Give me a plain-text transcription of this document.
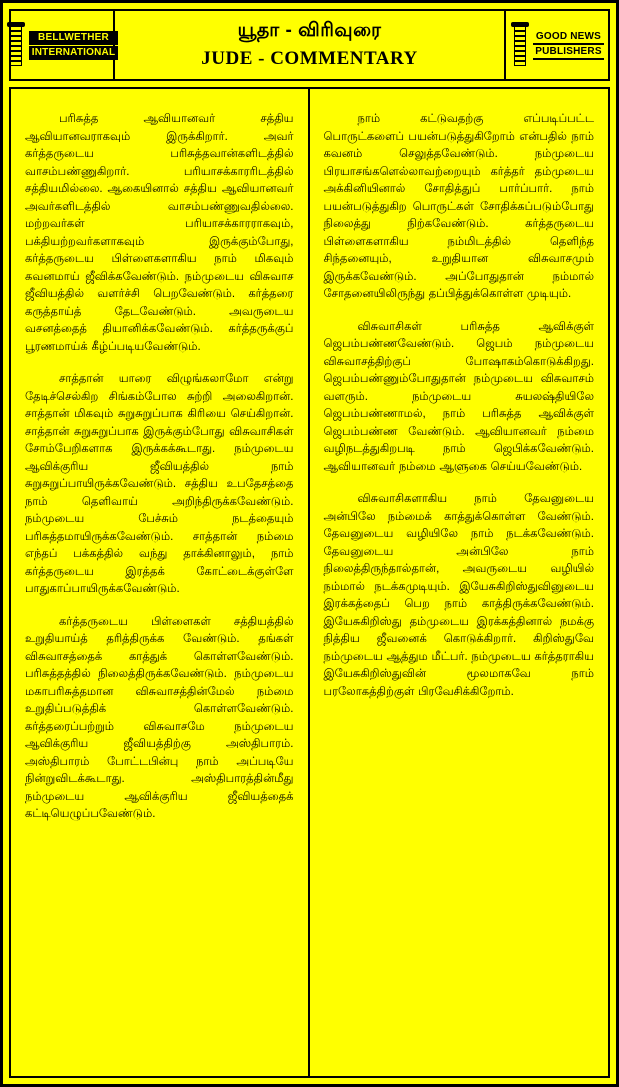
BELLWETHER
INTERNATIONAL
யூதா - விரிவுரை
JUDE - COMMENTARY
GOOD NEWS
PUBLISHERS

பரிசுத்த ஆவியானவர் சத்திய ஆவியானவராகவும் இருக்கிறார். அவர் கர்த்தருடைய பரிசுத்தவான்களிடத்தில் வாசம்பண்ணுகிறார். பரியாசக்காரரிடத்தில் சத்தியமில்லை. ஆகையினால் சத்திய ஆவியானவர் அவர்களிடத்தில் வாசம்பண்ணுவதில்லை. மற்றவர்கள் பரியாசக்காரராகவும், பக்தியற்றவர்களாகவும் இருக்கும்போது, கர்த்தருடைய பிள்ளைகளாகிய நாம் மிகவும் கவனமாய் ஜீவிக்கவேண்டும். நம்முடைய விசுவாச ஜீவியத்தில் வளர்ச்சி பெறவேண்டும். கர்த்தரை கருத்தாய்த் தேடவேண்டும். அவருடைய வசனத்தைத் தியானிக்கவேண்டும். கர்த்தருக்குப் பூரணமாய்க் கீழ்ப்படியவேண்டும்.

சாத்தான் யாரை விழுங்கலாமோ என்று தேடிச்செல்கிற சிங்கம்போல சுற்றி அலைகிறான். சாத்தான் மிகவும் சுறுசுறுப்பாக கிரியை செய்கிறான். சாத்தான் சுறுசுறுப்பாக இருக்கும்போது விசுவாசிகள் சோம்பேறிகளாக இருக்கக்கூடாது. நம்முடைய ஆவிக்குரிய ஜீவியத்தில் நாம் சுறுசுறுப்பாயிருக்கவேண்டும். சத்திய உபதேசத்தை நாம் தெளிவாய் அறிந்திருக்கவேண்டும். நம்முடைய பேச்சும் நடத்தையும் பரிசுத்தமாயிருக்கவேண்டும். சாத்தான் நம்மை எந்தப் பக்கத்தில் வந்து தாக்கினாலும், நாம் கர்த்தருடைய இரத்தக் கோட்டைக்குள்ளே பாதுகாப்பாயிருக்கவேண்டும்.

கர்த்தருடைய பிள்ளைகள் சத்தியத்தில் உறுதியாய்த் தரித்திருக்க வேண்டும். தங்கள் விசுவாசத்தைக் காத்துக் கொள்ளவேண்டும். பரிசுத்தத்தில் நிலைத்திருக்கவேண்டும். நம்முடைய மகாபரிசுத்தமான விசுவாசத்தின்மேல் நம்மை உறுதிப்படுத்திக் கொள்ளவேண்டும். கர்த்தரைப்பற்றும் விசுவாசமே நம்முடைய ஆவிக்குரிய ஜீவியத்திற்கு அஸ்திபாரம். அஸ்திபாரம் போட்டபின்பு நாம் அப்படியே நின்றுவிடக்கூடாது. அஸ்திபாரத்தின்மீது நம்முடைய ஆவிக்குரிய ஜீவியத்தைக் கட்டியெழுப்பவேண்டும்.

நாம் கட்டுவதற்கு எப்படிப்பட்ட பொருட்களைப் பயன்படுத்துகிறோம் என்பதில் நாம் கவனம் செலுத்தவேண்டும். நம்முடைய பிரயாசங்களெல்லாவற்றையும் கர்த்தர் தம்முடைய அக்கினியினால் சோதித்துப் பார்ப்பார். நாம் பயன்படுத்துகிற பொருட்கள் சோதிக்கப்படும்போது நிலைத்து நிற்கவேண்டும். கர்த்தருடைய பிள்ளைகளாகிய நம்மிடத்தில் தெளிந்த சிந்தனையும், உறுதியான விசுவாசமும் இருக்கவேண்டும். அப்போதுதான் நம்மால் சோதனையிலிருந்து தப்பித்துக்கொள்ள முடியும்.

விசுவாசிகள் பரிசுத்த ஆவிக்குள் ஜெபம்பண்ணவேண்டும். ஜெபம் நம்முடைய விசுவாசத்திற்குப் போஷாகம்கொடுக்கிறது. ஜெபம்பண்ணும்போதுதான் நம்முடைய விசுவாசம் வளரும். நம்முடைய சுயலஷ்தியிலே ஜெபம்பண்ணாமல், நாம் பரிசுத்த ஆவிக்குள் ஜெபம்பண்ண வேண்டும். ஆவியானவர் நம்மை வழிநடத்துகிறபடி நாம் ஜெபிக்கவேண்டும். ஆவியானவர் நம்மை ஆளுகை செய்யவேண்டும்.

விசுவாசிகளாகிய நாம் தேவனுடைய அன்பிலே நம்மைக் காத்துக்கொள்ள வேண்டும். தேவனுடைய வழியிலே நாம் நடக்கவேண்டும். தேவனுடைய அன்பிலே நாம் நிலைத்திருந்தால்தான், அவருடைய வழியில் நம்மால் நடக்கமுடியும். இயேசுகிறிஸ்துவினுடைய இரக்கத்தைப் பெற நாம் காத்திருக்கவேண்டும். இயேசுகிறிஸ்து தம்முடைய இரக்கத்தினால் நமக்கு நித்திய ஜீவனைக் கொடுக்கிறார். கிறிஸ்துவே நம்முடைய ஆத்தும மீட்பர். நம்முடைய கர்த்தராகிய இயேசுகிறிஸ்துவின் மூலமாகவே நாம் பரலோகத்திற்குள் பிரவேசிக்கிறோம்.
